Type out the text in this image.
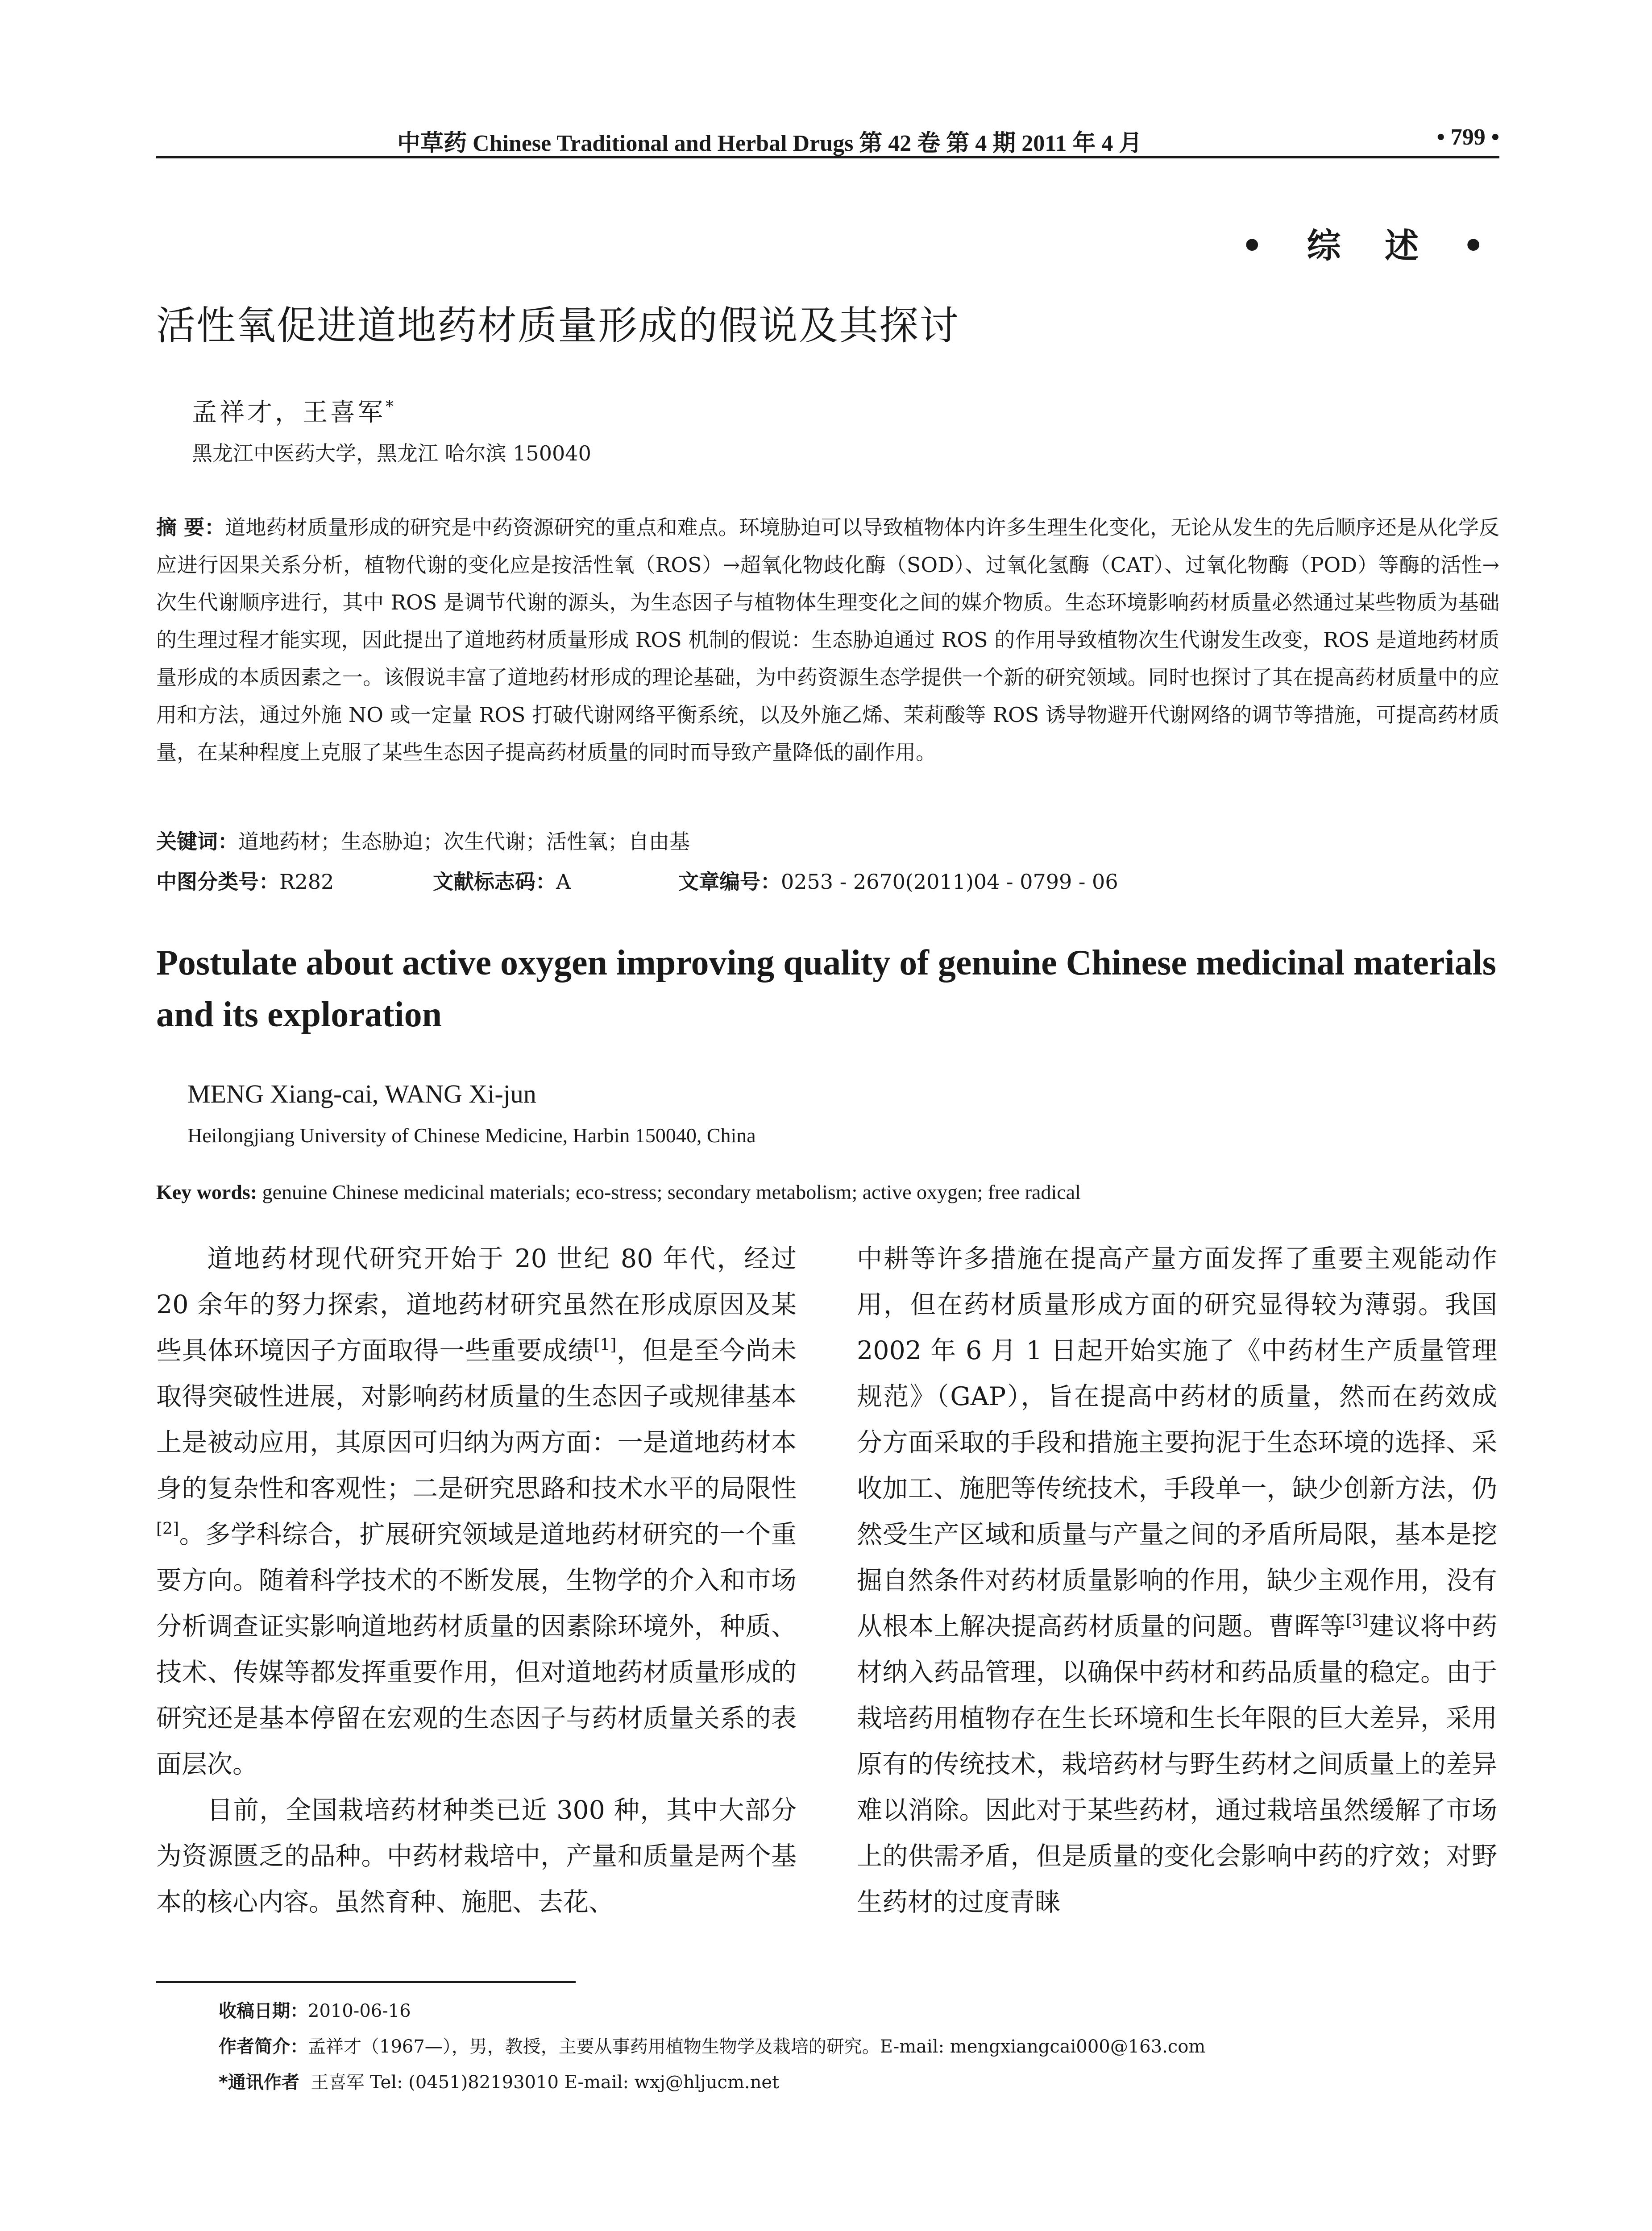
中草药 Chinese Traditional and Herbal Drugs 第 42 卷 第 4 期 2011 年 4 月	• 799 •
• 综 述 •
活性氧促进道地药材质量形成的假说及其探讨
孟祥才，王喜军*
黑龙江中医药大学，黑龙江 哈尔滨 150040
摘 要：道地药材质量形成的研究是中药资源研究的重点和难点。环境胁迫可以导致植物体内许多生理生化变化，无论从发生的先后顺序还是从化学反应进行因果关系分析，植物代谢的变化应是按活性氧（ROS）→超氧化物歧化酶（SOD）、过氧化氢酶（CAT）、过氧化物酶（POD）等酶的活性→次生代谢顺序进行，其中 ROS 是调节代谢的源头，为生态因子与植物体生理变化之间的媒介物质。生态环境影响药材质量必然通过某些物质为基础的生理过程才能实现，因此提出了道地药材质量形成 ROS 机制的假说：生态胁迫通过 ROS 的作用导致植物次生代谢发生改变，ROS 是道地药材质量形成的本质因素之一。该假说丰富了道地药材形成的理论基础，为中药资源生态学提供一个新的研究领域。同时也探讨了其在提高药材质量中的应用和方法，通过外施 NO 或一定量 ROS 打破代谢网络平衡系统，以及外施乙烯、茉莉酸等 ROS 诱导物避开代谢网络的调节等措施，可提高药材质量，在某种程度上克服了某些生态因子提高药材质量的同时而导致产量降低的副作用。
关键词：道地药材；生态胁迫；次生代谢；活性氧；自由基
中图分类号：R282	文献标志码：A	文章编号：0253 - 2670(2011)04 - 0799 - 06
Postulate about active oxygen improving quality of genuine Chinese medicinal materials and its exploration
MENG Xiang-cai, WANG Xi-jun
Heilongjiang University of Chinese Medicine, Harbin 150040, China
Key words: genuine Chinese medicinal materials; eco-stress; secondary metabolism; active oxygen; free radical

道地药材现代研究开始于 20 世纪 80 年代，经过 20 余年的努力探索，道地药材研究虽然在形成原因及某些具体环境因子方面取得一些重要成绩[1]，但是至今尚未取得突破性进展，对影响药材质量的生态因子或规律基本上是被动应用，其原因可归纳为两方面：一是道地药材本身的复杂性和客观性；二是研究思路和技术水平的局限性[2]。多学科综合，扩展研究领域是道地药材研究的一个重要方向。随着科学技术的不断发展，生物学的介入和市场分析调查证实影响道地药材质量的因素除环境外，种质、技术、传媒等都发挥重要作用，但对道地药材质量形成的研究还是基本停留在宏观的生态因子与药材质量关系的表面层次。

目前，全国栽培药材种类已近 300 种，其中大部分为资源匮乏的品种。中药材栽培中，产量和质量是两个基本的核心内容。虽然育种、施肥、去花、

中耕等许多措施在提高产量方面发挥了重要主观能动作用，但在药材质量形成方面的研究显得较为薄弱。我国 2002 年 6 月 1 日起开始实施了《中药材生产质量管理规范》（GAP），旨在提高中药材的质量，然而在药效成分方面采取的手段和措施主要拘泥于生态环境的选择、采收加工、施肥等传统技术，手段单一，缺少创新方法，仍然受生产区域和质量与产量之间的矛盾所局限，基本是挖掘自然条件对药材质量影响的作用，缺少主观作用，没有从根本上解决提高药材质量的问题。曹晖等[3]建议将中药材纳入药品管理，以确保中药材和药品质量的稳定。由于栽培药用植物存在生长环境和生长年限的巨大差异，采用原有的传统技术，栽培药材与野生药材之间质量上的差异难以消除。因此对于某些药材，通过栽培虽然缓解了市场上的供需矛盾，但是质量的变化会影响中药的疗效；对野生药材的过度青睐

收稿日期：2010-06-16
作者简介：孟祥才（1967—），男，教授，主要从事药用植物生物学及栽培的研究。E-mail: mengxiangcai000@163.com
*通讯作者 王喜军 Tel: (0451)82193010 E-mail: wxj@hljucm.net
